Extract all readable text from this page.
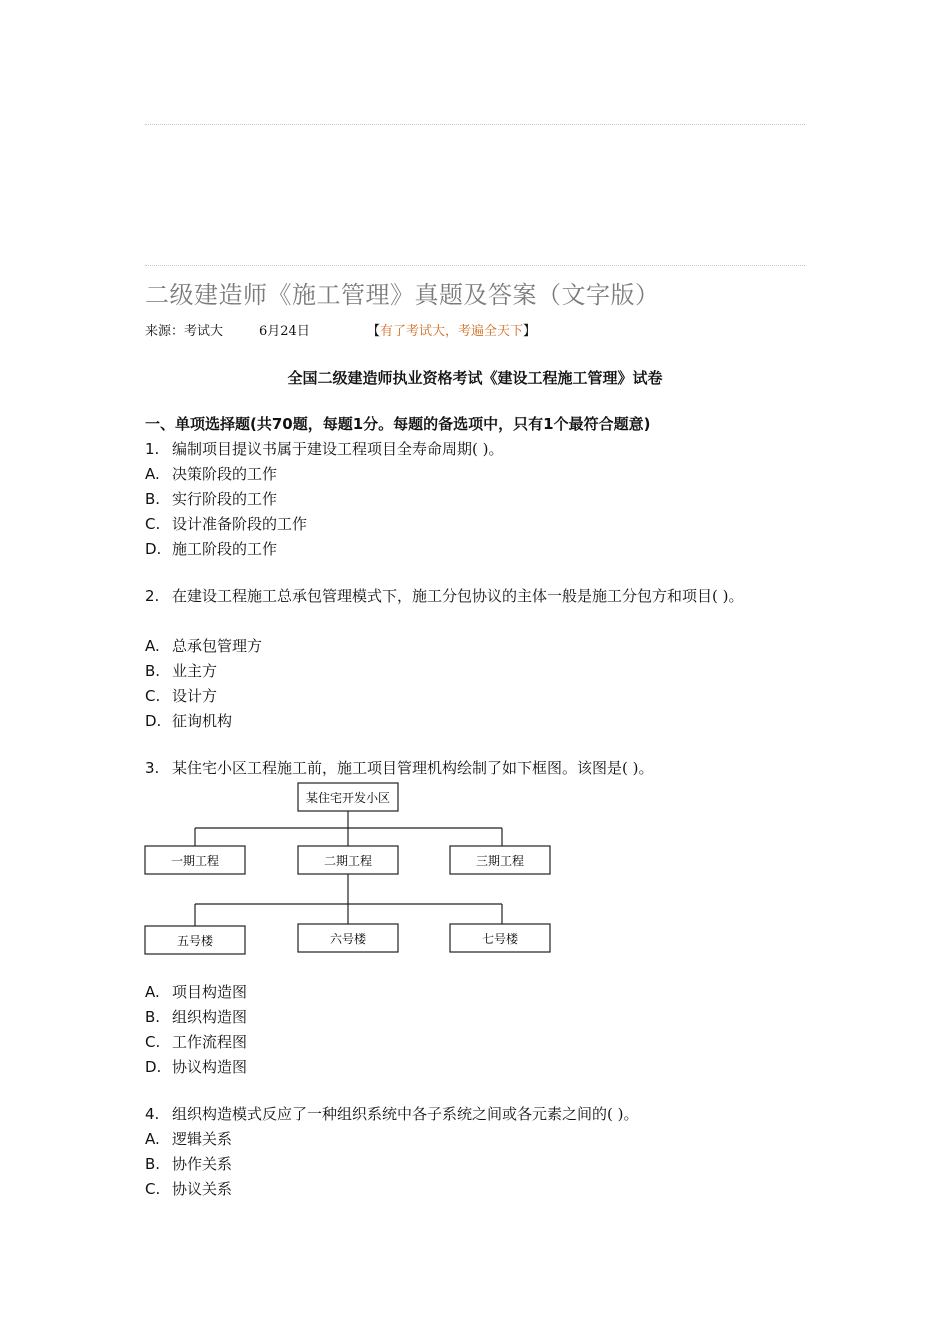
二级建造师《施工管理》真题及答案（文字版）
来源：考试大	6月24日	【有了考试大，考遍全天下】
全国二级建造师执业资格考试《建设工程施工管理》试卷
一、单项选择题(共70题，每题1分。每题的备选项中，只有1个最符合题意)
1. 编制项目提议书属于建设工程项目全寿命周期( )。
A. 决策阶段的工作
B. 实行阶段的工作
C. 设计准备阶段的工作
D. 施工阶段的工作
2. 在建设工程施工总承包管理模式下，施工分包协议的主体一般是施工分包方和项目( )。
A. 总承包管理方
B. 业主方
C. 设计方
D. 征询机构
3. 某住宅小区工程施工前，施工项目管理机构绘制了如下框图。该图是( )。
某住宅开发小区
一期工程	二期工程	三期工程
五号楼	六号楼	七号楼
A. 项目构造图
B. 组织构造图
C. 工作流程图
D. 协议构造图
4. 组织构造模式反应了一种组织系统中各子系统之间或各元素之间的( )。
A. 逻辑关系
B. 协作关系
C. 协议关系
